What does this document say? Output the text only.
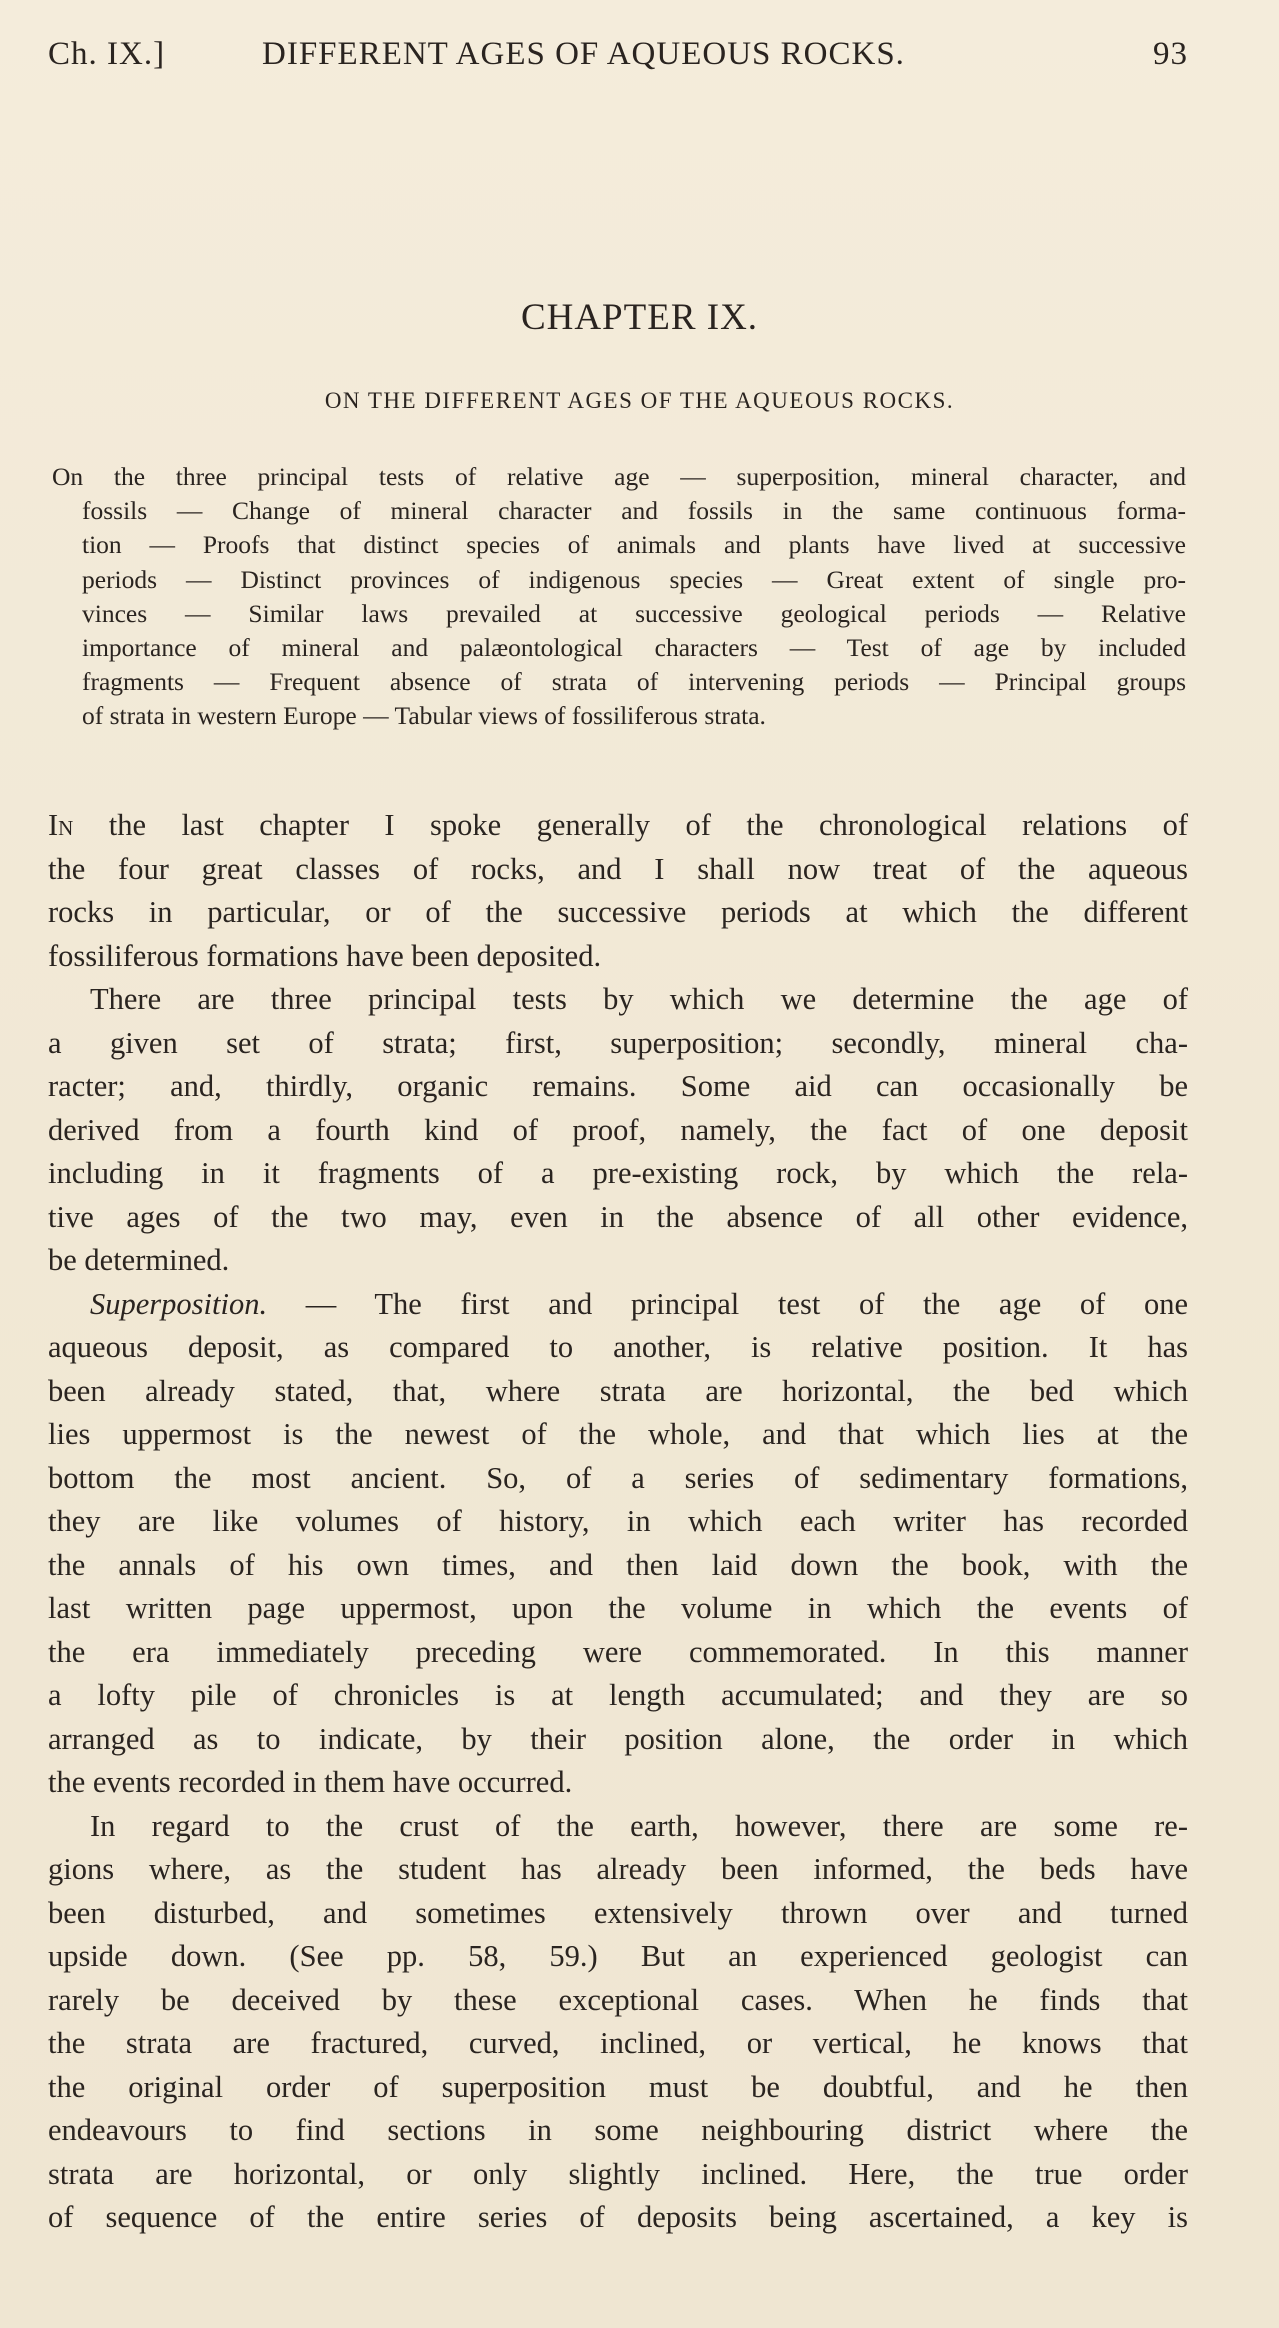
Ch. IX.]	DIFFERENT AGES OF AQUEOUS ROCKS.	93
CHAPTER IX.
ON THE DIFFERENT AGES OF THE AQUEOUS ROCKS.
On the three principal tests of relative age — superposition, mineral character, and
fossils — Change of mineral character and fossils in the same continuous forma-
tion — Proofs that distinct species of animals and plants have lived at successive
periods — Distinct provinces of indigenous species — Great extent of single pro-
vinces — Similar laws prevailed at successive geological periods — Relative
importance of mineral and palæontological characters — Test of age by included
fragments — Frequent absence of strata of intervening periods — Principal groups
of strata in western Europe — Tabular views of fossiliferous strata.
In the last chapter I spoke generally of the chronological relations of
the four great classes of rocks, and I shall now treat of the aqueous
rocks in particular, or of the successive periods at which the different
fossiliferous formations have been deposited.
There are three principal tests by which we determine the age of
a given set of strata; first, superposition; secondly, mineral cha-
racter; and, thirdly, organic remains. Some aid can occasionally be
derived from a fourth kind of proof, namely, the fact of one deposit
including in it fragments of a pre-existing rock, by which the rela-
tive ages of the two may, even in the absence of all other evidence,
be determined.
Superposition. — The first and principal test of the age of one
aqueous deposit, as compared to another, is relative position. It has
been already stated, that, where strata are horizontal, the bed which
lies uppermost is the newest of the whole, and that which lies at the
bottom the most ancient. So, of a series of sedimentary formations,
they are like volumes of history, in which each writer has recorded
the annals of his own times, and then laid down the book, with the
last written page uppermost, upon the volume in which the events of
the era immediately preceding were commemorated. In this manner
a lofty pile of chronicles is at length accumulated; and they are so
arranged as to indicate, by their position alone, the order in which
the events recorded in them have occurred.
In regard to the crust of the earth, however, there are some re-
gions where, as the student has already been informed, the beds have
been disturbed, and sometimes extensively thrown over and turned
upside down. (See pp. 58, 59.) But an experienced geologist can
rarely be deceived by these exceptional cases. When he finds that
the strata are fractured, curved, inclined, or vertical, he knows that
the original order of superposition must be doubtful, and he then
endeavours to find sections in some neighbouring district where the
strata are horizontal, or only slightly inclined. Here, the true order
of sequence of the entire series of deposits being ascertained, a key is
